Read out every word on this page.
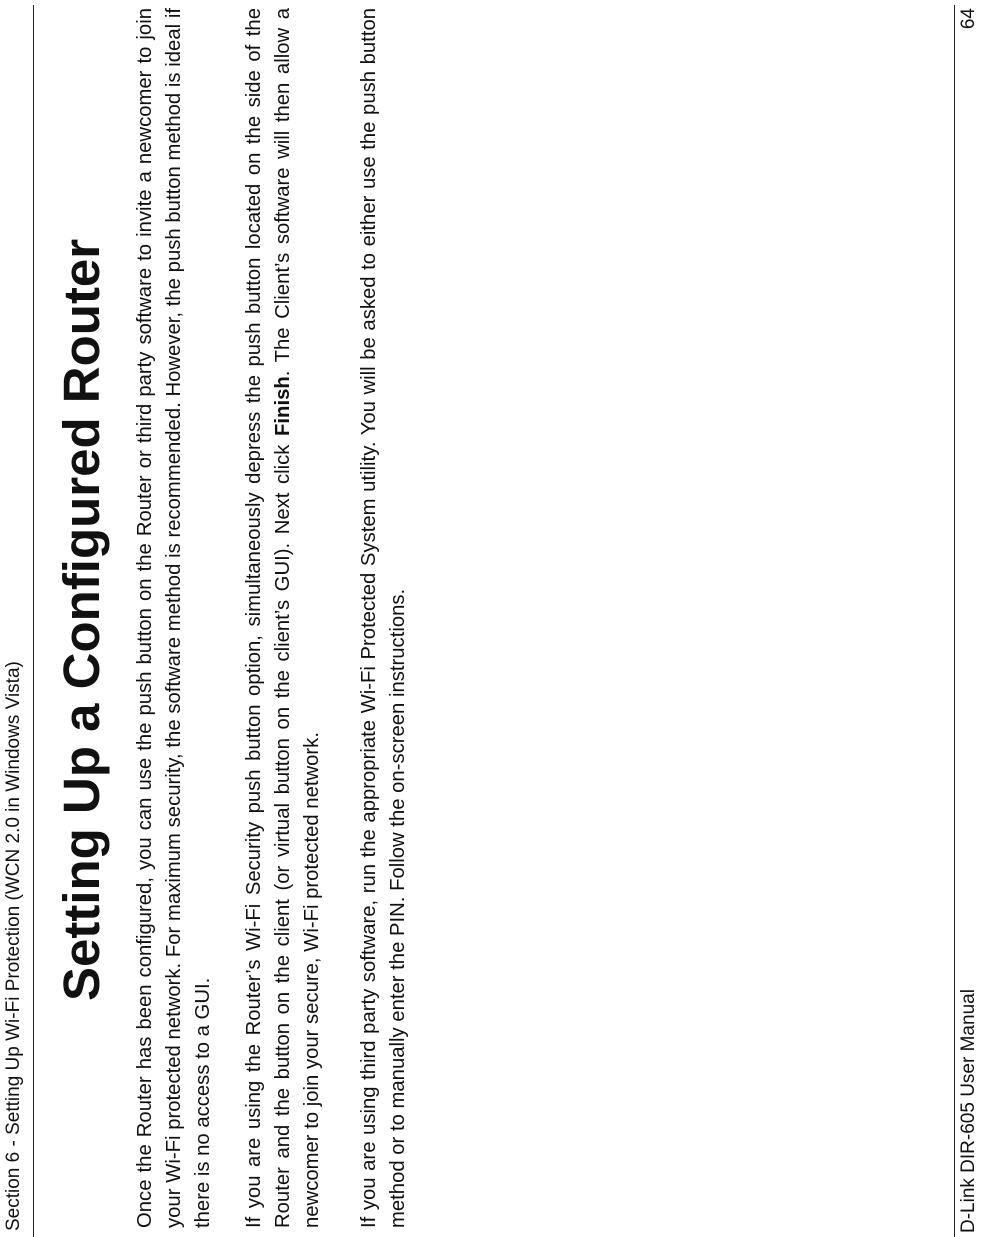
Section 6 - Setting Up Wi-Fi Protection (WCN 2.0 in Windows Vista) Setting Up a Configured Router Once the Router has been configured, you can use the push button on the Router or third party software to invite a newcomer to join your Wi-Fi protected network. For maximum security, the software method is recommended. However, the push button method is ideal if there is no access to a GUI. If you are using the Router’s Wi-Fi Security push button option, simultaneously depress the push button located on the side of the Router and the button on the client (or virtual button on the client’s GUI). Next click Finish. The Client’s software will then allow a newcomer to join your secure, Wi-Fi protected network. If you are using third party software, run the appropriate Wi-Fi Protected System utility. You will be asked to either use the push button method or to manually enter the PIN. Follow the on-screen instructions.	D-Link DIR-605 User Manual
64
